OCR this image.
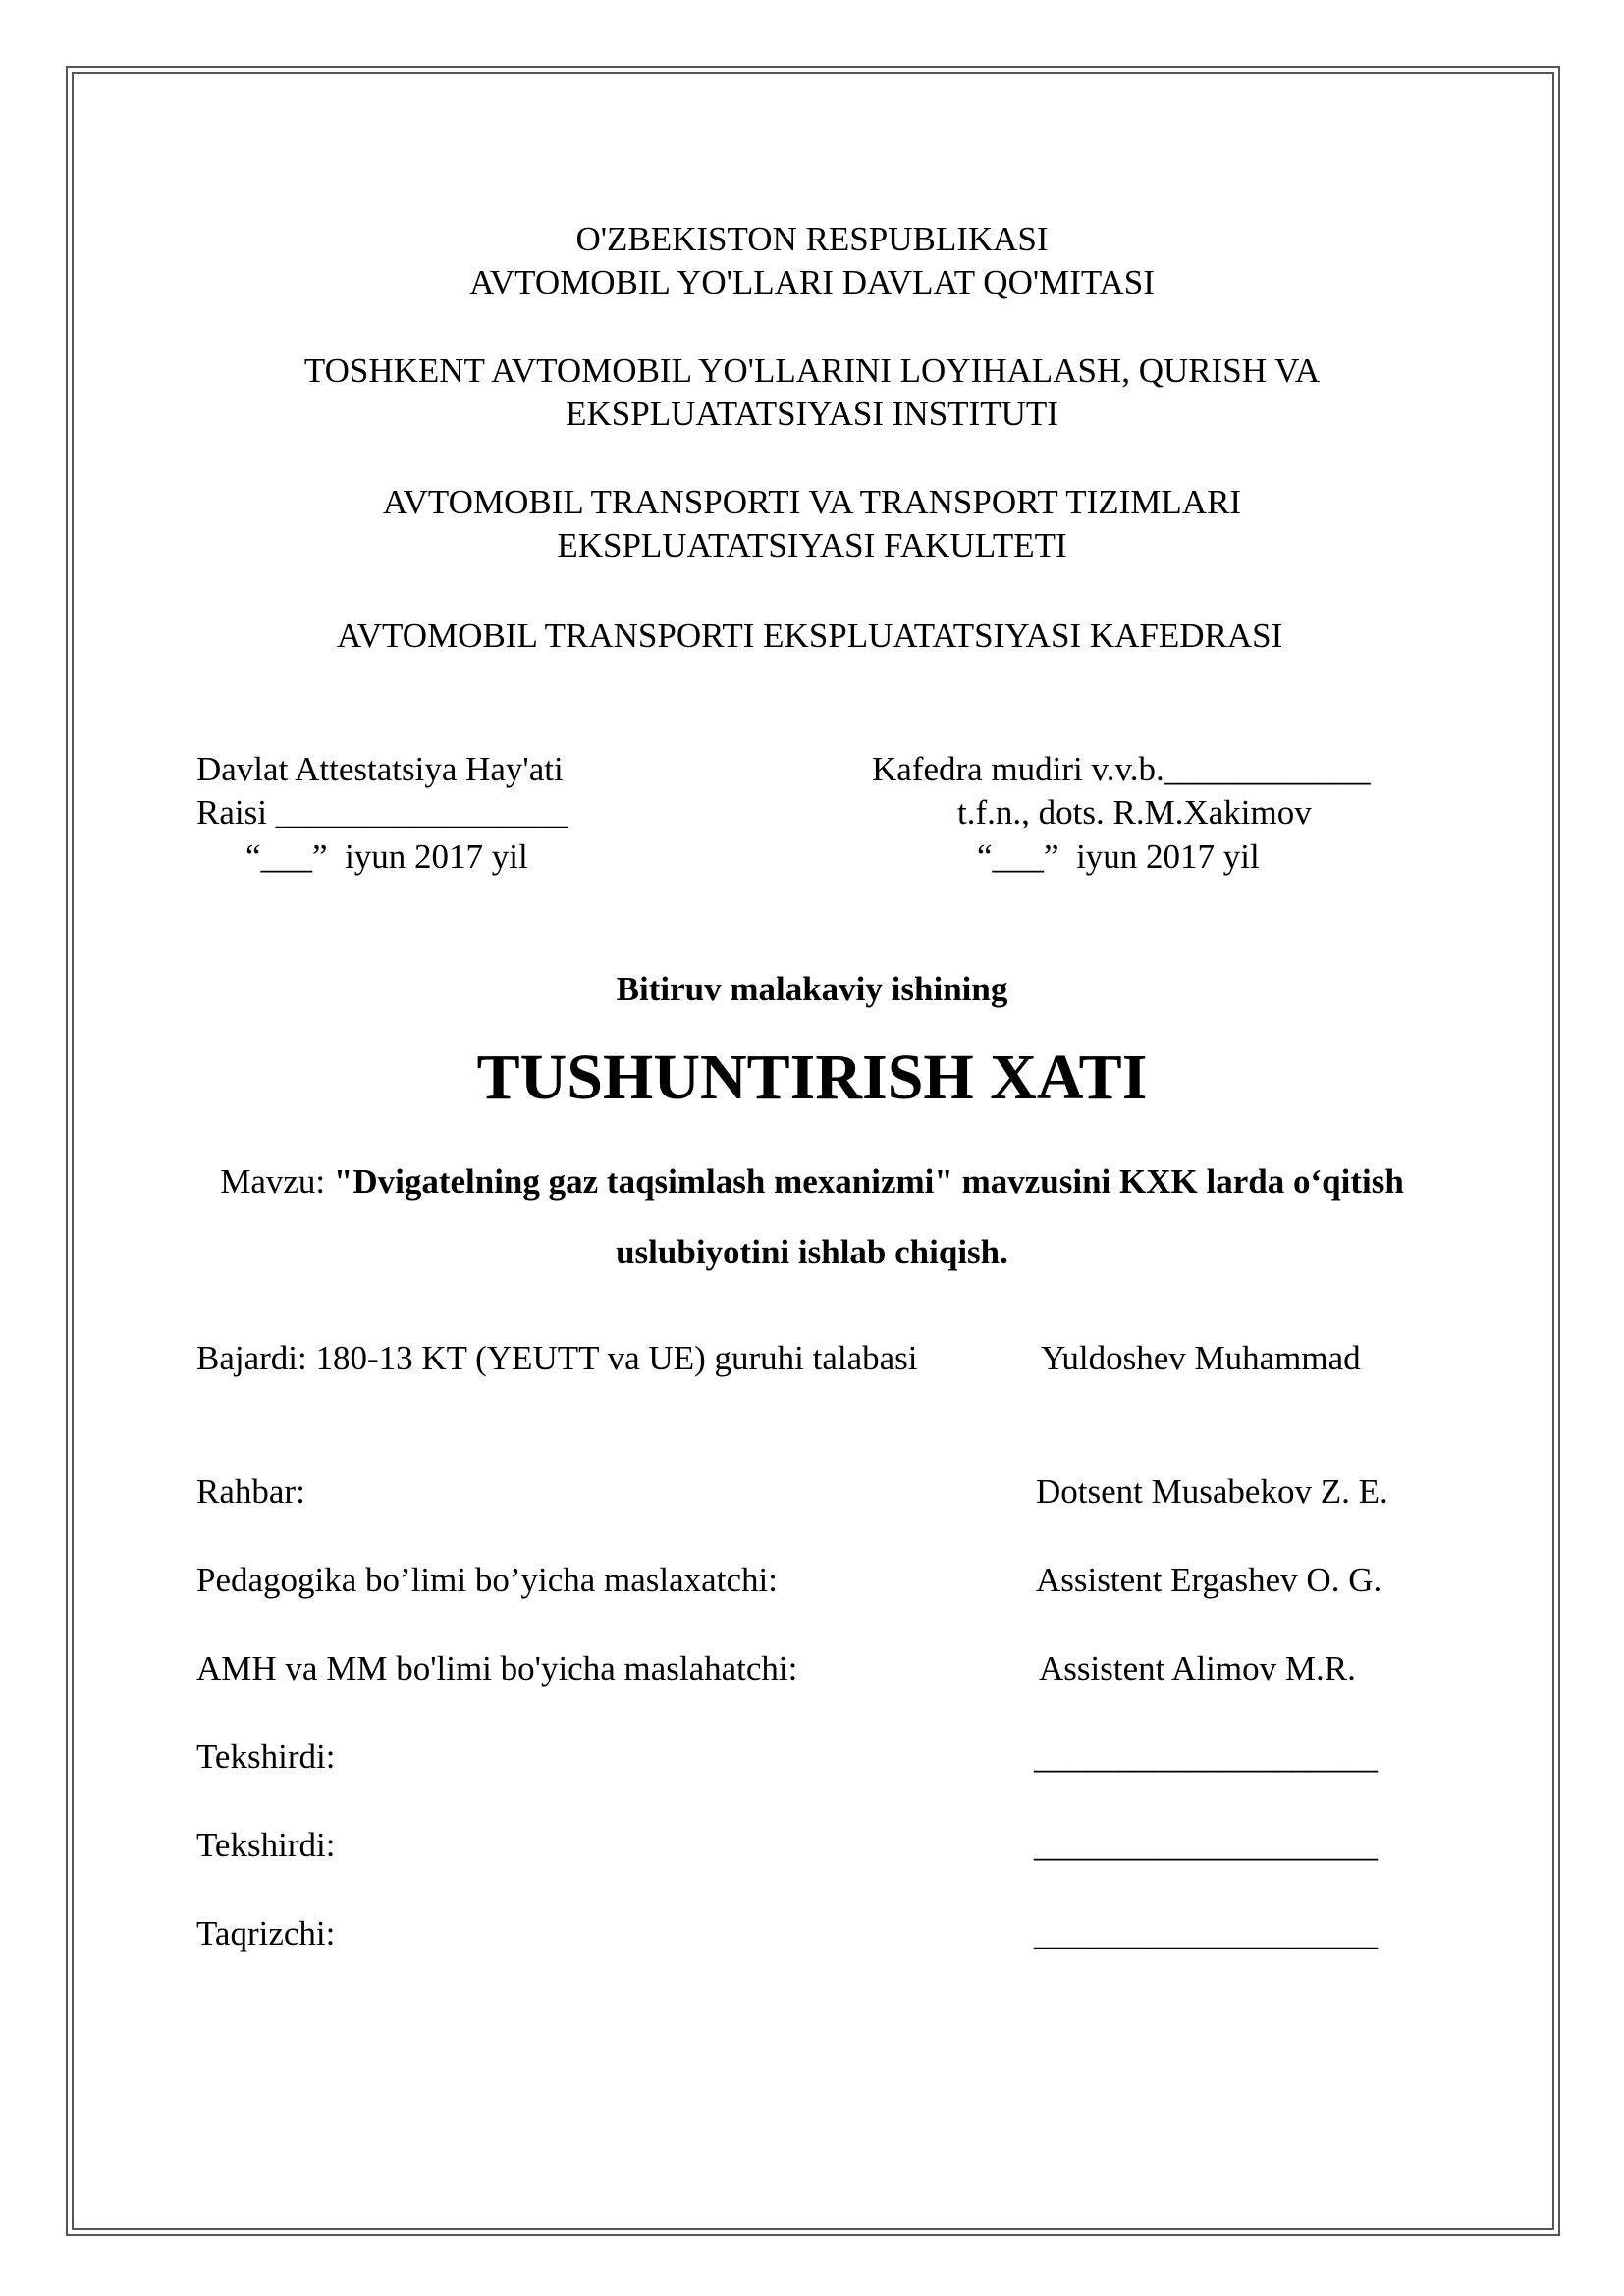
O'ZBEKISTON RESPUBLIKASI
AVTOMOBIL YO'LLARI DAVLAT QO'MITASI
TOSHKENT AVTOMOBIL YO'LLARINI LOYIHALASH, QURISH VA
EKSPLUATATSIYASI INSTITUTI
AVTOMOBIL TRANSPORTI VA TRANSPORT TIZIMLARI
EKSPLUATATSIYASI FAKULTETI
AVTOMOBIL TRANSPORTI EKSPLUATATSIYASI KAFEDRASI
Davlat Attestatsiya Hay'ati
Raisi _________________
“___”  iyun 2017 yil
Kafedra mudiri v.v.b.____________
t.f.n., dots. R.M.Xakimov
“___”  iyun 2017 yil
Bitiruv malakaviy ishining
TUSHUNTIRISH XATI
Mavzu: "Dvigatelning gaz taqsimlash mexanizmi" mavzusini KXK larda o‘qitish
uslubiyotini ishlab chiqish.
Bajardi: 180-13 KT (YEUTT va UE) guruhi talabasi	Yuldoshev Muhammad
Rahbar:	Dotsent Musabekov Z. E.
Pedagogika bo’limi bo’yicha maslaxatchi:	Assistent Ergashev O. G.
AMH va MM bo'limi bo'yicha maslahatchi:	Assistent Alimov M.R.
Tekshirdi:	____________________
Tekshirdi:	____________________
Taqrizchi:	____________________
